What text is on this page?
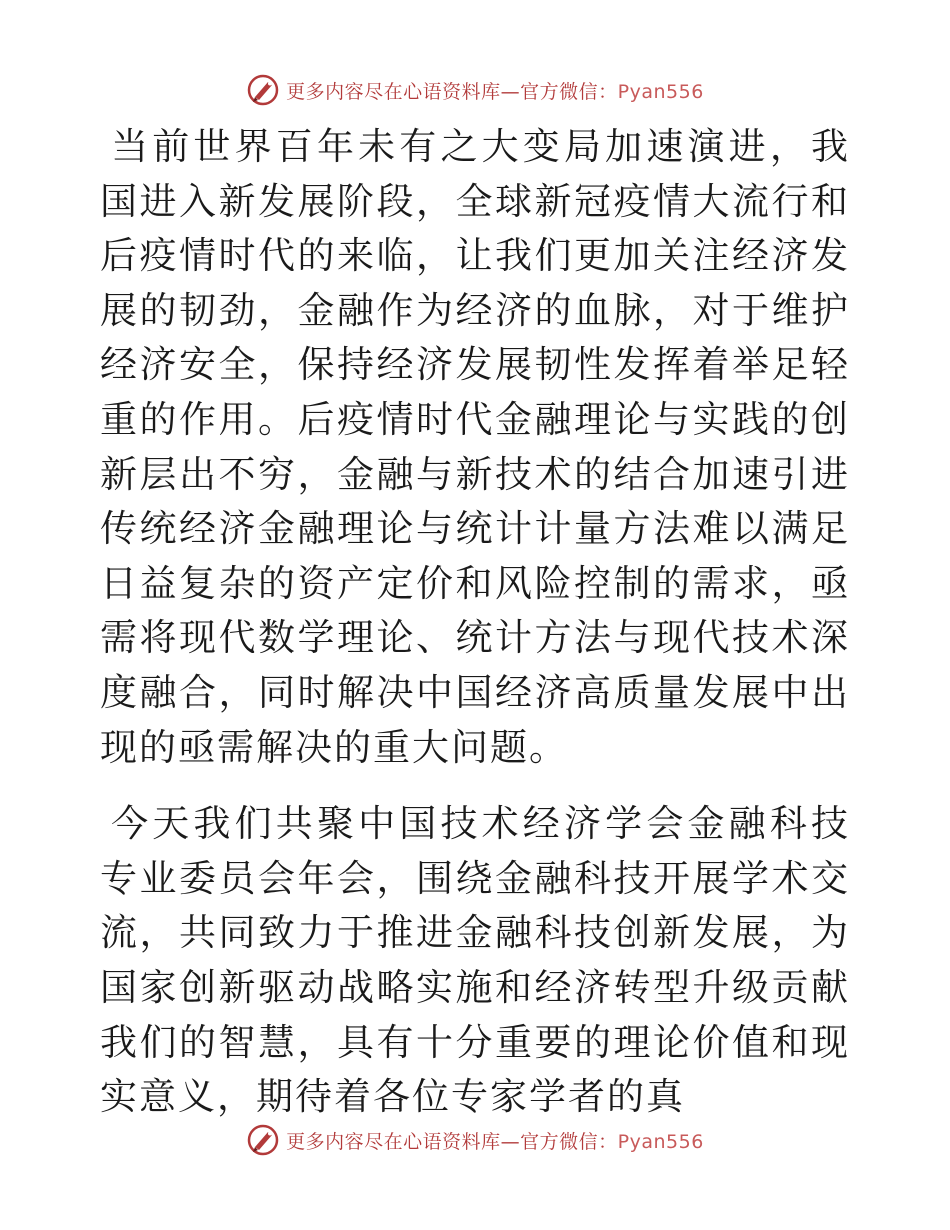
更多内容尽在心语资料库—官方微信：Pyan556

当前世界百年未有之大变局加速演进，我国进入新发展阶段，全球新冠疫情大流行和后疫情时代的来临，让我们更加关注经济发展的韧劲，金融作为经济的血脉，对于维护经济安全，保持经济发展韧性发挥着举足轻重的作用。后疫情时代金融理论与实践的创新层出不穷，金融与新技术的结合加速引进传统经济金融理论与统计计量方法难以满足日益复杂的资产定价和风险控制的需求，亟需将现代数学理论、统计方法与现代技术深度融合，同时解决中国经济高质量发展中出现的亟需解决的重大问题。

今天我们共聚中国技术经济学会金融科技专业委员会年会，围绕金融科技开展学术交流，共同致力于推进金融科技创新发展，为国家创新驱动战略实施和经济转型升级贡献我们的智慧，具有十分重要的理论价值和现实意义，期待着各位专家学者的真

更多内容尽在心语资料库—官方微信：Pyan556
